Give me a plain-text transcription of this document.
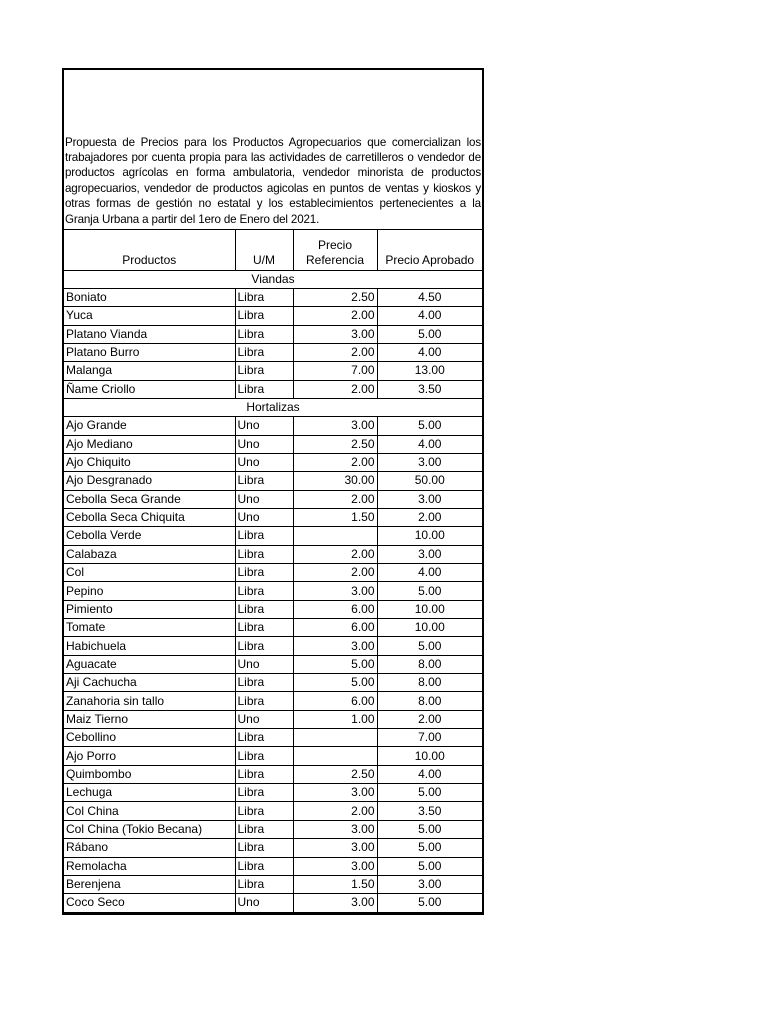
Propuesta de Precios para los Productos Agropecuarios que comercializan los trabajadores por cuenta propia para las actividades de carretilleros o vendedor de productos agrícolas en forma ambulatoria, vendedor minorista de productos agropecuarios, vendedor de productos agicolas en puntos de ventas y kioskos y otras formas de gestión no estatal y los establecimientos pertenecientes a la Granja Urbana a partir del 1ero de Enero del 2021.
Productos	U/M	Precio Referencia	Precio Aprobado
Viandas			
Boniato	Libra	2.50	4.50
Yuca	Libra	2.00	4.00
Platano Vianda	Libra	3.00	5.00
Platano Burro	Libra	2.00	4.00
Malanga	Libra	7.00	13.00
Ñame Criollo	Libra	2.00	3.50
Hortalizas			
Ajo Grande	Uno	3.00	5.00
Ajo Mediano	Uno	2.50	4.00
Ajo Chiquito	Uno	2.00	3.00
Ajo Desgranado	Libra	30.00	50.00
Cebolla Seca Grande	Uno	2.00	3.00
Cebolla Seca Chiquita	Uno	1.50	2.00
Cebolla Verde	Libra		10.00
Calabaza	Libra	2.00	3.00
Col	Libra	2.00	4.00
Pepino	Libra	3.00	5.00
Pimiento	Libra	6.00	10.00
Tomate	Libra	6.00	10.00
Habichuela	Libra	3.00	5.00
Aguacate	Uno	5.00	8.00
Aji Cachucha	Libra	5.00	8.00
Zanahoria sin tallo	Libra	6.00	8.00
Maiz Tierno	Uno	1.00	2.00
Cebollino	Libra		7.00
Ajo Porro	Libra		10.00
Quimbombo	Libra	2.50	4.00
Lechuga	Libra	3.00	5.00
Col China	Libra	2.00	3.50
Col China (Tokio Becana)	Libra	3.00	5.00
Rábano	Libra	3.00	5.00
Remolacha	Libra	3.00	5.00
Berenjena	Libra	1.50	3.00
Coco Seco	Uno	3.00	5.00
